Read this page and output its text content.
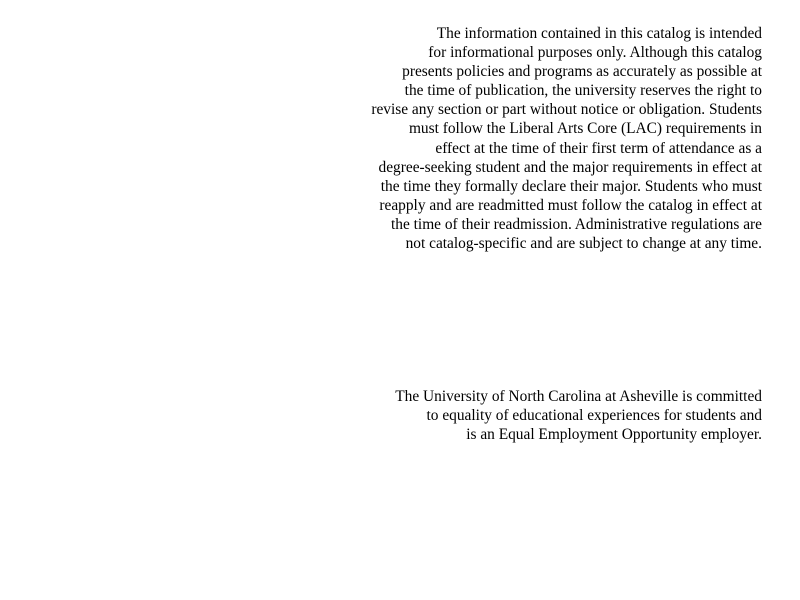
The information contained in this catalog is intended
for informational purposes only. Although this catalog
presents policies and programs as accurately as possible at
the time of publication, the university reserves the right to
revise any section or part without notice or obligation. Students
must follow the Liberal Arts Core (LAC) requirements in
effect at the time of their first term of attendance as a
degree-seeking student and the major requirements in effect at
the time they formally declare their major. Students who must
reapply and are readmitted must follow the catalog in effect at
the time of their readmission. Administrative regulations are
not catalog-specific and are subject to change at any time.
The University of North Carolina at Asheville is committed
to equality of educational experiences for students and
is an Equal Employment Opportunity employer.
